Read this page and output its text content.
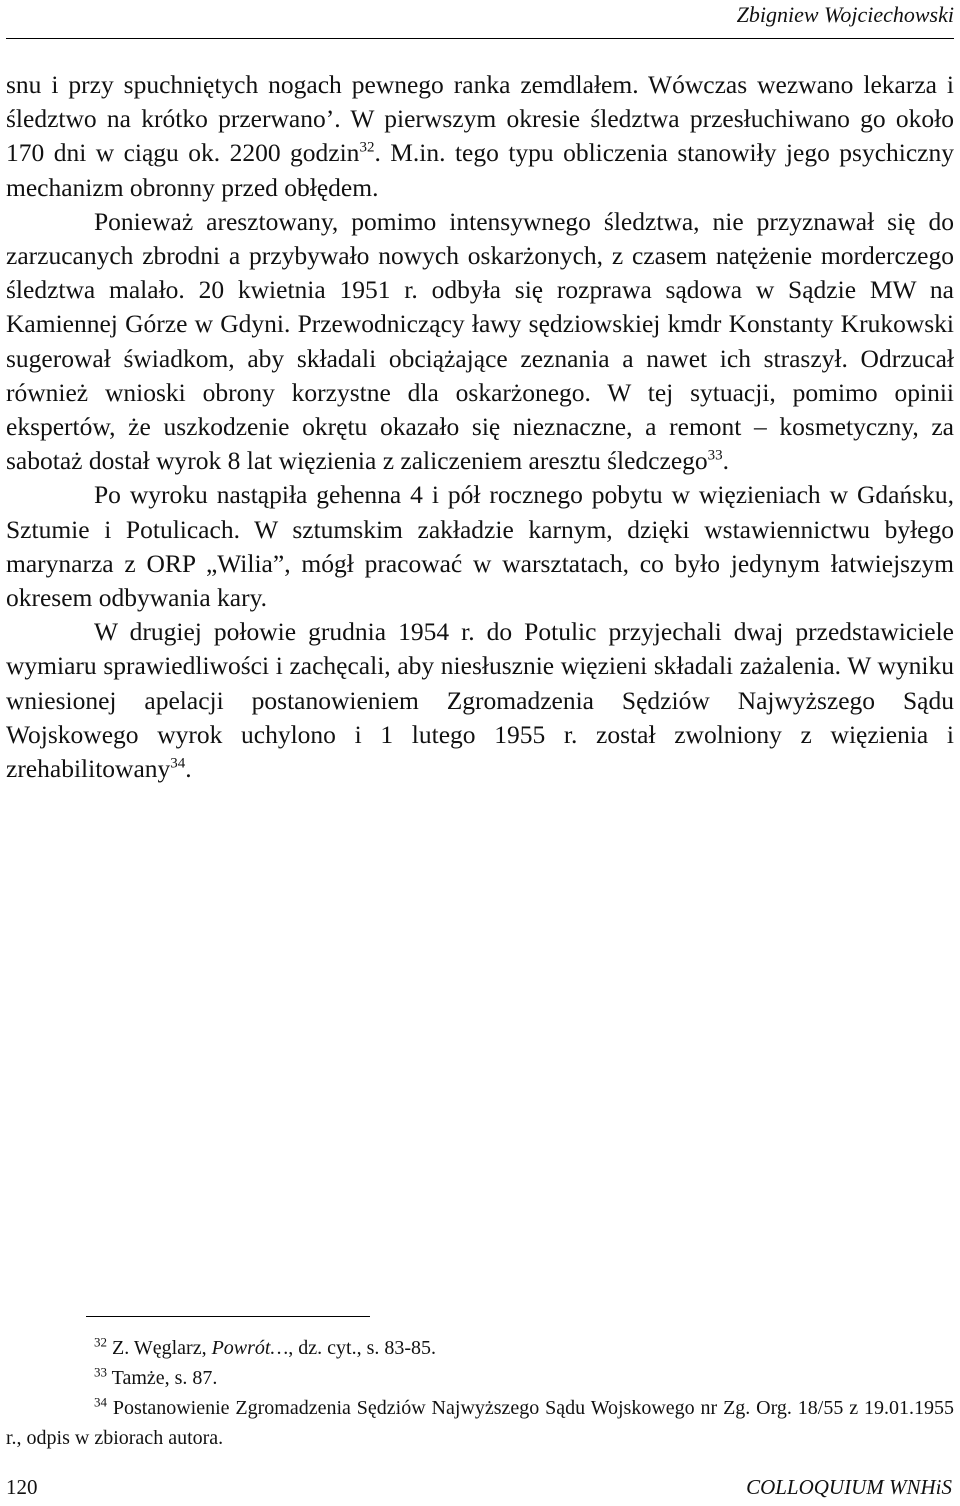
Zbigniew Wojciechowski

snu i przy spuchniętych nogach pewnego ranka zemdlałem. Wówczas wezwano lekarza i śledztwo na krótko przerwano’. W pierwszym okresie śledztwa przesłuchiwano go około 170 dni w ciągu ok. 2200 godzin$^{32}$. M.in. tego typu obliczenia stanowiły jego psychiczny mechanizm obronny przed obłędem.

Ponieważ aresztowany, pomimo intensywnego śledztwa, nie przyznawał się do zarzucanych zbrodni a przybywało nowych oskarżonych, z czasem natężenie morderczego śledztwa malało. 20 kwietnia 1951 r. odbyła się rozprawa sądowa w Sądzie MW na Kamiennej Górze w Gdyni. Przewodniczący ławy sędziowskiej kmdr Konstanty Krukowski sugerował świadkom, aby składali obciążające zeznania a nawet ich straszył. Odrzucał również wnioski obrony korzystne dla oskarżonego. W tej sytuacji, pomimo opinii ekspertów, że uszkodzenie okrętu okazało się nieznaczne, a remont – kosmetyczny, za sabotaż dostał wyrok 8 lat więzienia z zaliczeniem aresztu śledczego$^{33}$.

Po wyroku nastąpiła gehenna 4 i pół rocznego pobytu w więzieniach w Gdańsku, Sztumie i Potulicach. W sztumskim zakładzie karnym, dzięki wstawiennictwu byłego marynarza z ORP „Wilia”, mógł pracować w warsztatach, co było jedynym łatwiejszym okresem odbywania kary.

W drugiej połowie grudnia 1954 r. do Potulic przyjechali dwaj przedstawiciele wymiaru sprawiedliwości i zachęcali, aby niesłusznie więzieni składali zażalenia. W wyniku wniesionej apelacji postanowieniem Zgromadzenia Sędziów Najwyższego Sądu Wojskowego wyrok uchylono i 1 lutego 1955 r. został zwolniony z więzienia i zrehabilitowany$^{34}$.

$^{32}$ Z. Węglarz, Powrót…, dz. cyt., s. 83-85.

$^{33}$ Tamże, s. 87.

$^{34}$ Postanowienie Zgromadzenia Sędziów Najwyższego Sądu Wojskowego nr Zg. Org. 18/55 z 19.01.1955 r., odpis w zbiorach autora.

120	COLLOQUIUM WNHiS
